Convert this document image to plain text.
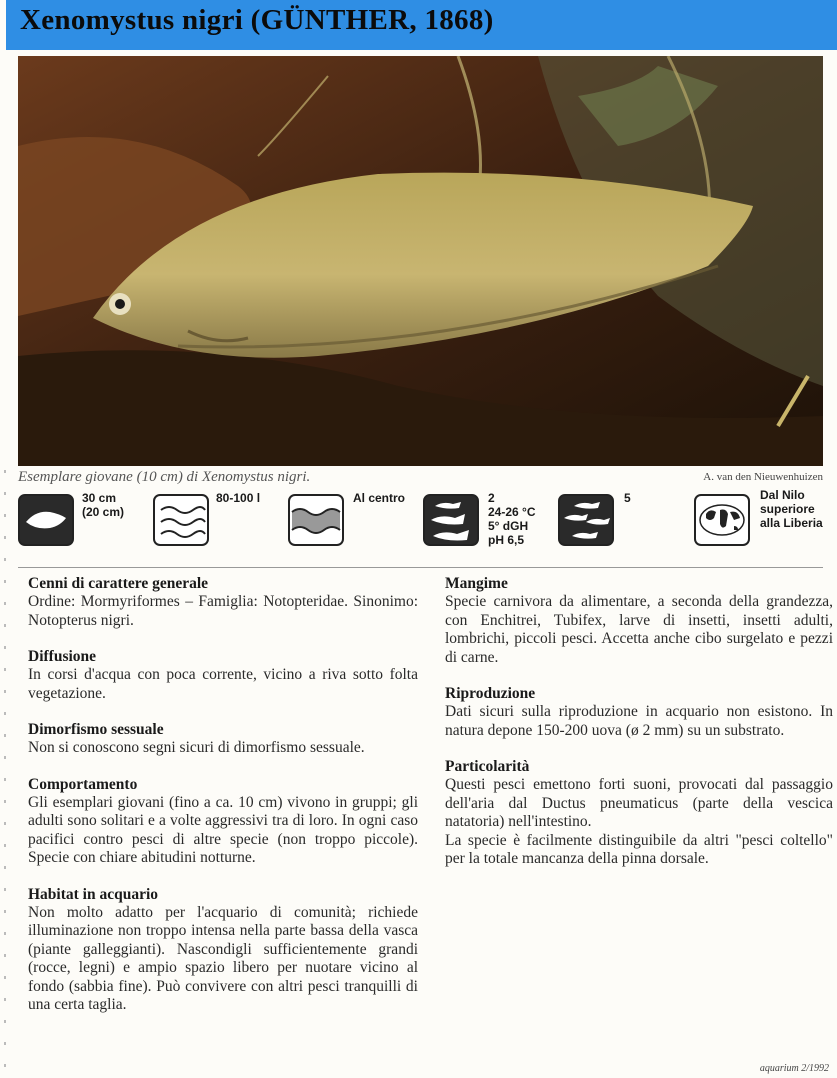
Xenomystus nigri (GÜNTHER, 1868)
Esemplare giovane (10 cm) di Xenomystus nigri.	A. van den Nieuwenhuizen
30 cm
(20 cm)
80-100 l	Al centro	2
24-26 °C
5° dGH
pH 6,5
5	Dal Nilo
superiore
alla Liberia
Cenni di carattere generale

Ordine: Mormyriformes – Famiglia: Notopteridae. Sinonimo: Notopterus nigri.

Diffusione

In corsi d'acqua con poca corrente, vicino a riva sotto folta vegetazione.

Dimorfismo sessuale

Non si conoscono segni sicuri di dimorfismo sessuale.

Comportamento

Gli esemplari giovani (fino a ca. 10 cm) vivono in gruppi; gli adulti sono solitari e a volte aggressivi tra di loro. In ogni caso pacifici contro pesci di altre specie (non troppo piccole). Specie con chiare abitudini notturne.

Habitat in acquario

Non molto adatto per l'acquario di comunità; richiede illuminazione non troppo intensa nella parte bassa della vasca (piante galleggianti). Nascondigli sufficientemente grandi (rocce, legni) e ampio spazio libero per nuotare vicino al fondo (sabbia fine). Può convivere con altri pesci tranquilli di una certa taglia.

Mangime

Specie carnivora da alimentare, a seconda della grandezza, con Enchitrei, Tubifex, larve di insetti, insetti adulti, lombrichi, piccoli pesci. Accetta anche cibo surgelato e pezzi di carne.

Riproduzione

Dati sicuri sulla riproduzione in acquario non esistono. In natura depone 150-200 uova (ø 2 mm) su un substrato.

Particolarità

Questi pesci emettono forti suoni, provocati dal passaggio dell'aria dal Ductus pneumaticus (parte della vescica natatoria) nell'intestino.

La specie è facilmente distinguibile da altri "pesci coltello" per la totale mancanza della pinna dorsale.

aquarium 2/1992
